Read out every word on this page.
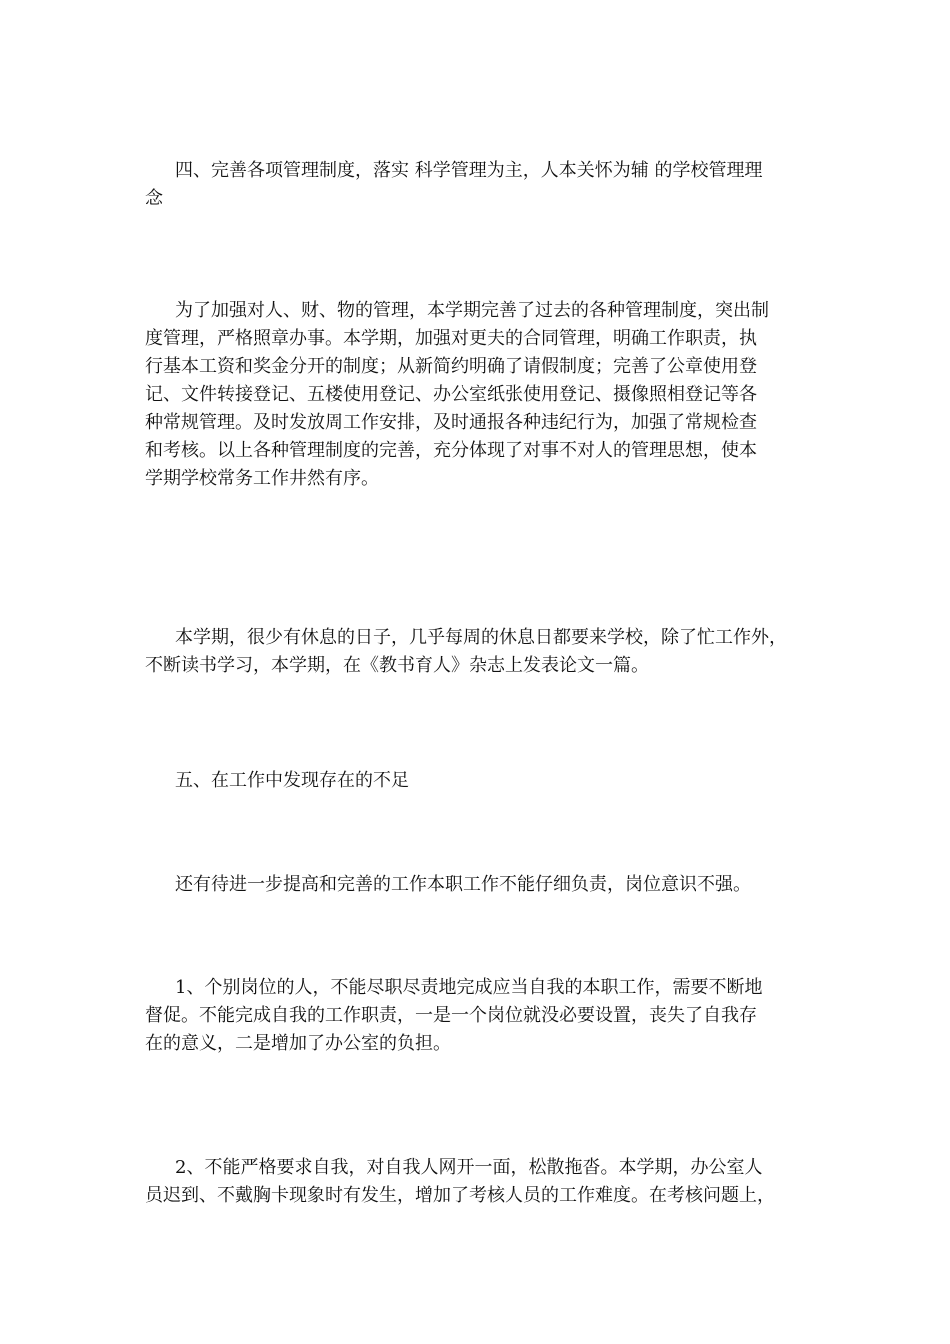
四、完善各项管理制度，落实 科学管理为主，人本关怀为辅 的学校管理理
念

为了加强对人、财、物的管理，本学期完善了过去的各种管理制度，突出制
度管理，严格照章办事。本学期，加强对更夫的合同管理，明确工作职责，执
行基本工资和奖金分开的制度；从新简约明确了请假制度；完善了公章使用登
记、文件转接登记、五楼使用登记、办公室纸张使用登记、摄像照相登记等各
种常规管理。及时发放周工作安排，及时通报各种违纪行为，加强了常规检查
和考核。以上各种管理制度的完善，充分体现了对事不对人的管理思想，使本
学期学校常务工作井然有序。

本学期，很少有休息的日子，几乎每周的休息日都要来学校，除了忙工作外，
不断读书学习，本学期，在《教书育人》杂志上发表论文一篇。

五、在工作中发现存在的不足

还有待进一步提高和完善的工作本职工作不能仔细负责，岗位意识不强。

1、个别岗位的人，不能尽职尽责地完成应当自我的本职工作，需要不断地
督促。不能完成自我的工作职责，一是一个岗位就没必要设置，丧失了自我存
在的意义，二是增加了办公室的负担。

2、不能严格要求自我，对自我人网开一面，松散拖沓。本学期，办公室人
员迟到、不戴胸卡现象时有发生，增加了考核人员的工作难度。在考核问题上，
